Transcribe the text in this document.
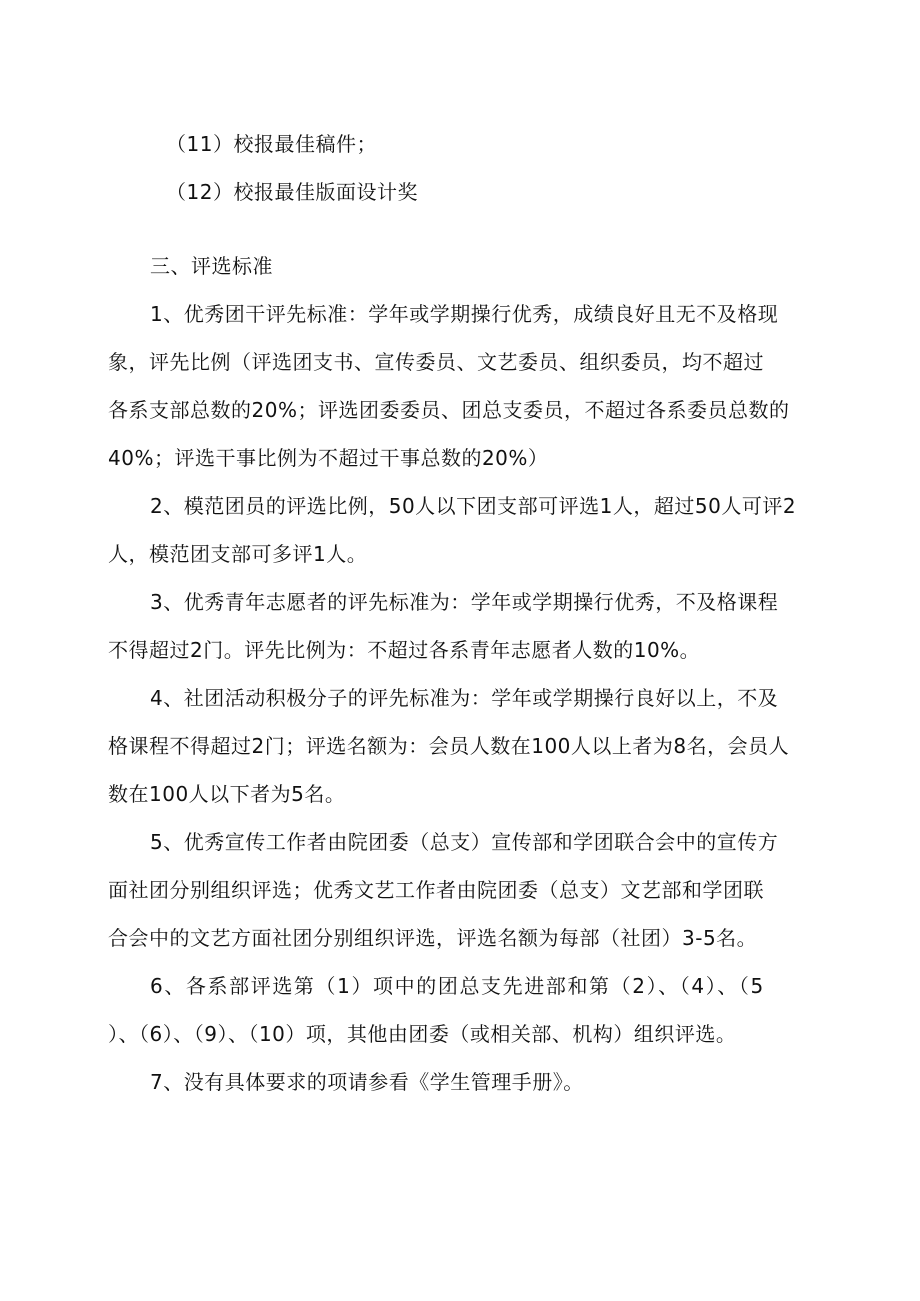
（11）校报最佳稿件；
（12）校报最佳版面设计奖
三、评选标准
1、优秀团干评先标准：学年或学期操行优秀，成绩良好且无不及格现
象，评先比例（评选团支书、宣传委员、文艺委员、组织委员，均不超过
各系支部总数的20%；评选团委委员、团总支委员，不超过各系委员总数的
40%；评选干事比例为不超过干事总数的20%）
2、模范团员的评选比例，50人以下团支部可评选1人，超过50人可评2
人，模范团支部可多评1人。
3、优秀青年志愿者的评先标准为：学年或学期操行优秀，不及格课程
不得超过2门。评先比例为：不超过各系青年志愿者人数的10%。
4、社团活动积极分子的评先标准为：学年或学期操行良好以上，不及
格课程不得超过2门；评选名额为：会员人数在100人以上者为8名，会员人
数在100人以下者为5名。
5、优秀宣传工作者由院团委（总支）宣传部和学团联合会中的宣传方
面社团分别组织评选；优秀文艺工作者由院团委（总支）文艺部和学团联
合会中的文艺方面社团分别组织评选，评选名额为每部（社团）3-5名。
6、各系部评选第（1）项中的团总支先进部和第（2）、（4）、（5
）、（6）、（9）、（10）项，其他由团委（或相关部、机构）组织评选。
7、没有具体要求的项请参看《学生管理手册》。
